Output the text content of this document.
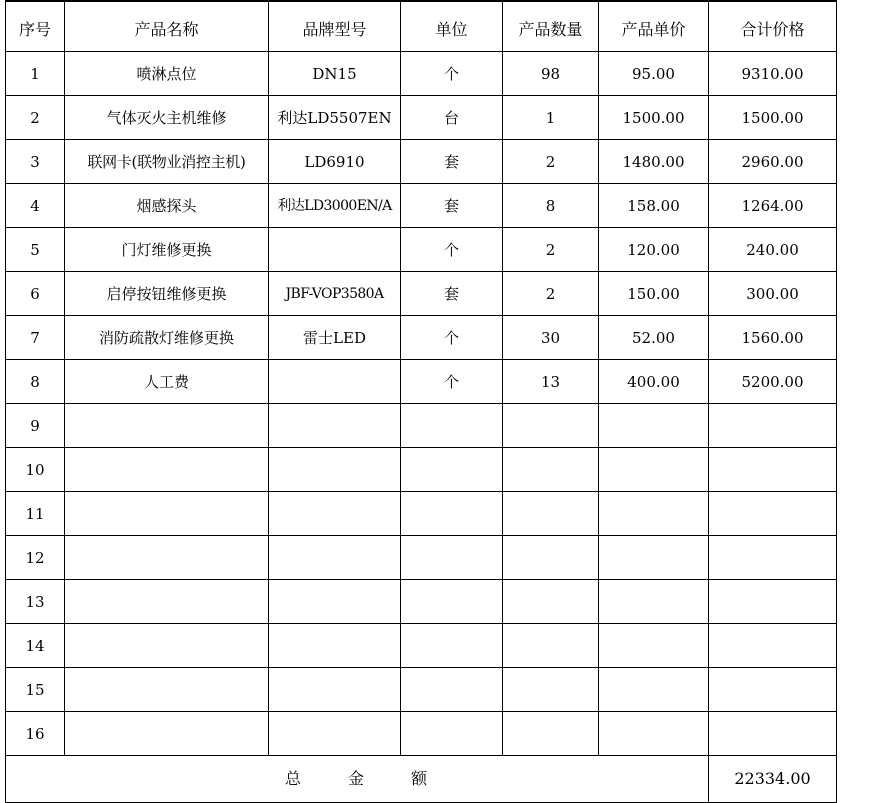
序号	产品名称	品牌型号	单位	产品数量	产品单价	合计价格
1	喷淋点位	DN15	个	98	95.00	9310.00
2	气体灭火主机维修	利达LD5507EN	台	1	1500.00	1500.00
3	联网卡(联物业消控主机)	LD6910	套	2	1480.00	2960.00
4	烟感探头	利达LD3000EN/A	套	8	158.00	1264.00
5	门灯维修更换		个	2	120.00	240.00
6	启停按钮维修更换	JBF-VOP3580A	套	2	150.00	300.00
7	消防疏散灯维修更换	雷士LED	个	30	52.00	1560.00
8	人工费		个	13	400.00	5200.00
9						
10						
11						
12						
13						
14						
15						
16						
总 金 额						22334.00
